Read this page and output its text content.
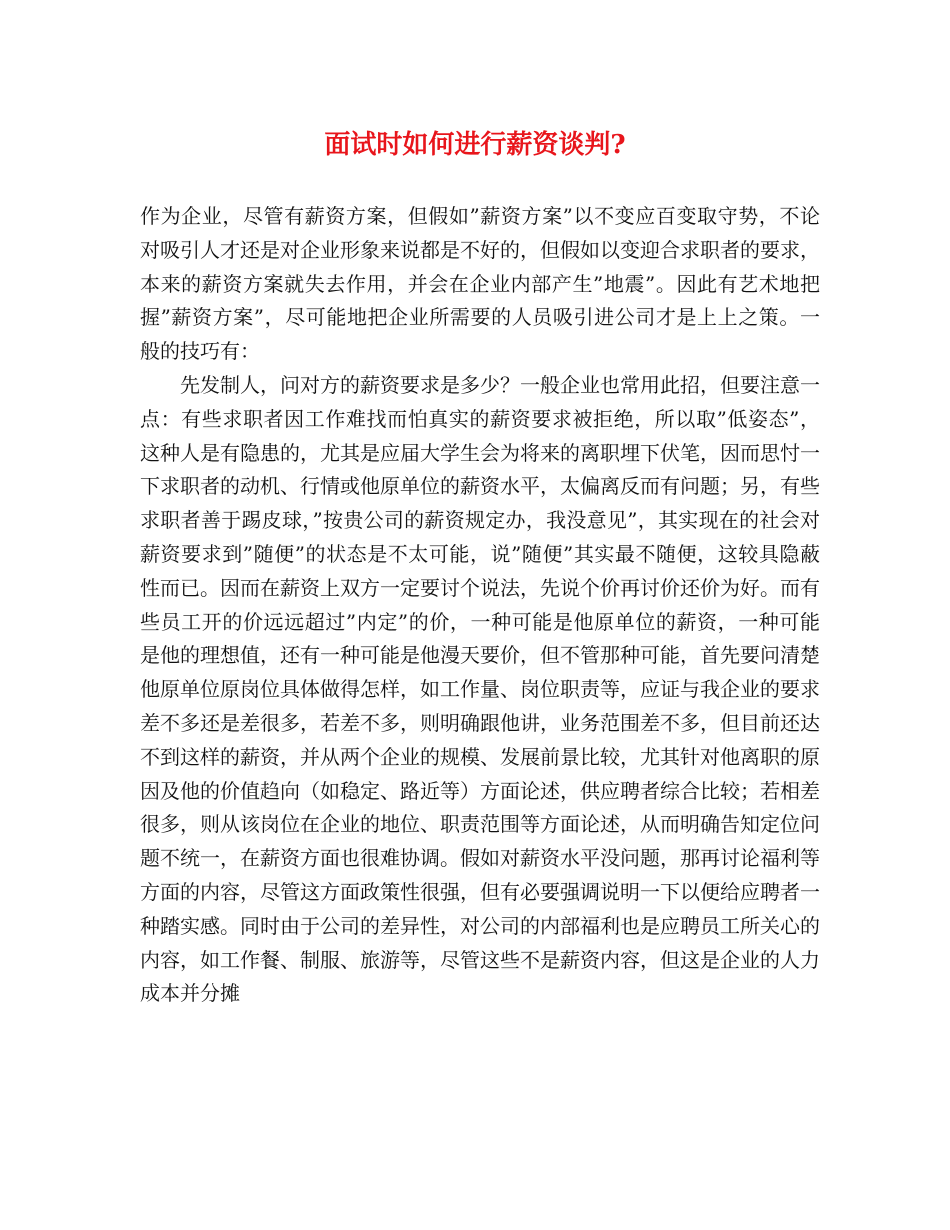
面试时如何进行薪资谈判?

作为企业，尽管有薪资方案，但假如”薪资方案”以不变应百变取守势，不论对吸引人才还是对企业形象来说都是不好的，但假如以变迎合求职者的要求，本来的薪资方案就失去作用，并会在企业内部产生”地震”。因此有艺术地把握”薪资方案”，尽可能地把企业所需要的人员吸引进公司才是上上之策。一般的技巧有：

先发制人，问对方的薪资要求是多少？一般企业也常用此招，但要注意一点：有些求职者因工作难找而怕真实的薪资要求被拒绝，所以取”低姿态”，这种人是有隐患的，尤其是应届大学生会为将来的离职埋下伏笔，因而思忖一下求职者的动机、行情或他原单位的薪资水平，太偏离反而有问题；另，有些求职者善于踢皮球，”按贵公司的薪资规定办，我没意见”，其实现在的社会对薪资要求到”随便”的状态是不太可能，说”随便”其实最不随便，这较具隐蔽性而已。因而在薪资上双方一定要讨个说法，先说个价再讨价还价为好。而有些员工开的价远远超过”内定”的价，一种可能是他原单位的薪资，一种可能是他的理想值，还有一种可能是他漫天要价，但不管那种可能，首先要问清楚他原单位原岗位具体做得怎样，如工作量、岗位职责等，应证与我企业的要求差不多还是差很多，若差不多，则明确跟他讲，业务范围差不多，但目前还达不到这样的薪资，并从两个企业的规模、发展前景比较，尤其针对他离职的原因及他的价值趋向（如稳定、路近等）方面论述，供应聘者综合比较；若相差很多，则从该岗位在企业的地位、职责范围等方面论述，从而明确告知定位问题不统一，在薪资方面也很难协调。假如对薪资水平没问题，那再讨论福利等方面的内容，尽管这方面政策性很强，但有必要强调说明一下以便给应聘者一种踏实感。同时由于公司的差异性，对公司的内部福利也是应聘员工所关心的内容，如工作餐、制服、旅游等，尽管这些不是薪资内容，但这是企业的人力成本并分摊
